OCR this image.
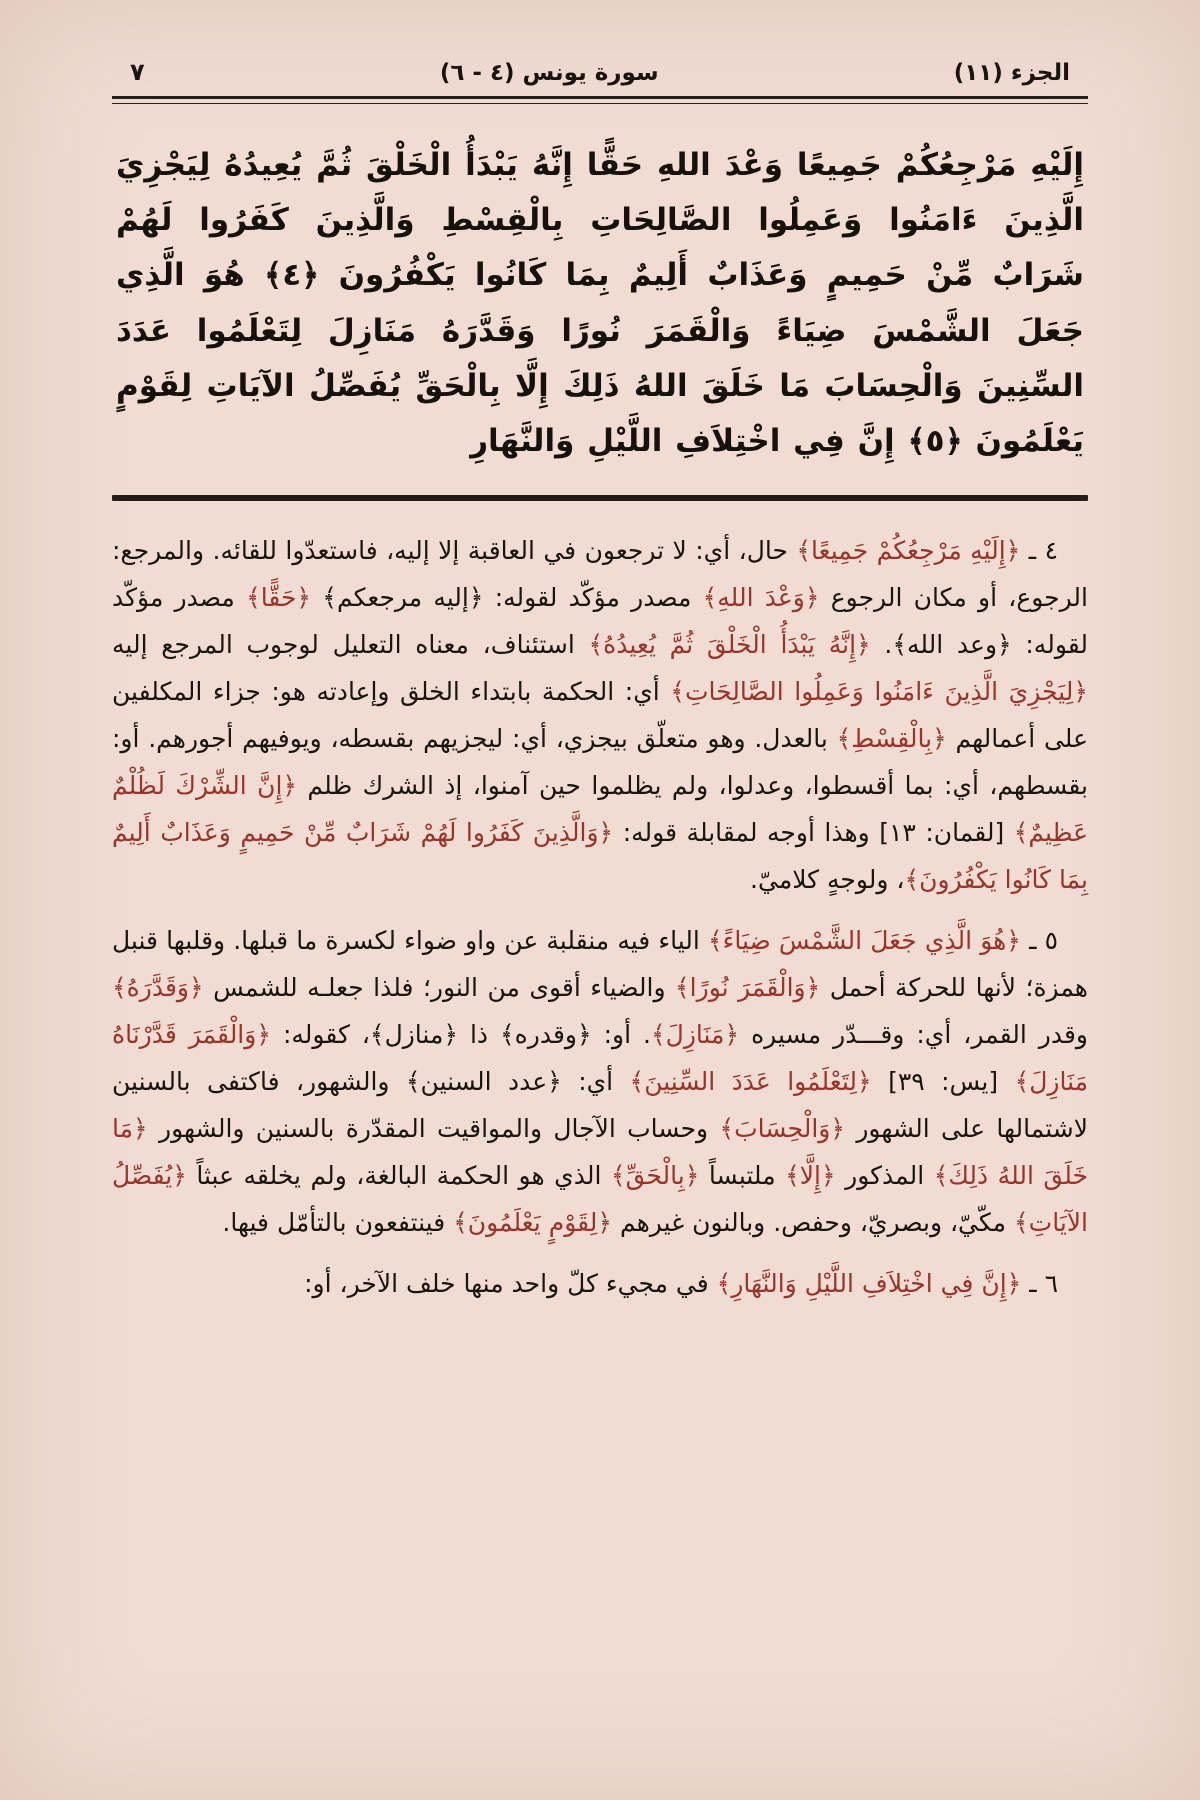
الجزء (١١)
سورة يونس (٤ - ٦)
٧
إِلَيْهِ مَرْجِعُكُمْ جَمِيعًا وَعْدَ اللهِ حَقًّا إِنَّهُ يَبْدَأُ الْخَلْقَ ثُمَّ يُعِيدُهُ لِيَجْزِيَ الَّذِينَ ءَامَنُوا وَعَمِلُوا الصَّالِحَاتِ بِالْقِسْطِ وَالَّذِينَ كَفَرُوا لَهُمْ شَرَابٌ مِّنْ حَمِيمٍ وَعَذَابٌ أَلِيمٌ بِمَا كَانُوا يَكْفُرُونَ ﴿٤﴾ هُوَ الَّذِي جَعَلَ الشَّمْسَ ضِيَاءً وَالْقَمَرَ نُورًا وَقَدَّرَهُ مَنَازِلَ لِتَعْلَمُوا عَدَدَ السِّنِينَ وَالْحِسَابَ مَا خَلَقَ اللهُ ذَلِكَ إِلَّا بِالْحَقِّ يُفَصِّلُ الآيَاتِ لِقَوْمٍ يَعْلَمُونَ ﴿٥﴾ إِنَّ فِي اخْتِلاَفِ اللَّيْلِ وَالنَّهَارِ

٤ ـ ﴿إِلَيْهِ مَرْجِعُكُمْ جَمِيعًا﴾ حال، أي: لا ترجعون في العاقبة إلا إليه، فاستعدّوا للقائه. والمرجع: الرجوع، أو مكان الرجوع ﴿وَعْدَ اللهِ﴾ مصدر مؤكّد لقوله: ﴿إليه مرجعكم﴾ ﴿حَقًّا﴾ مصدر مؤكّد لقوله: ﴿وعد الله﴾. ﴿إِنَّهُ يَبْدَأُ الْخَلْقَ ثُمَّ يُعِيدُهُ﴾ استئناف، معناه التعليل لوجوب المرجع إليه ﴿لِيَجْزِيَ الَّذِينَ ءَامَنُوا وَعَمِلُوا الصَّالِحَاتِ﴾ أي: الحكمة بابتداء الخلق وإعادته هو: جزاء المكلفين على أعمالهم ﴿بِالْقِسْطِ﴾ بالعدل. وهو متعلّق بيجزي، أي: ليجزيهم بقسطه، ويوفيهم أجورهم. أو: بقسطهم، أي: بما أقسطوا، وعدلوا، ولم يظلموا حين آمنوا، إذ الشرك ظلم ﴿إِنَّ الشِّرْكَ لَظُلْمٌ عَظِيمٌ﴾ [لقمان: ١٣] وهذا أوجه لمقابلة قوله: ﴿وَالَّذِينَ كَفَرُوا لَهُمْ شَرَابٌ مِّنْ حَمِيمٍ وَعَذَابٌ أَلِيمٌ بِمَا كَانُوا يَكْفُرُونَ﴾، ولوجهٍ كلاميّ.

٥ ـ ﴿هُوَ الَّذِي جَعَلَ الشَّمْسَ ضِيَاءً﴾ الياء فيه منقلبة عن واو ضواء لكسرة ما قبلها. وقلبها قنبل همزة؛ لأنها للحركة أحمل ﴿وَالْقَمَرَ نُورًا﴾ والضياء أقوى من النور؛ فلذا جعلـه للشمس ﴿وَقَدَّرَهُ﴾ وقدر القمر، أي: وقـــدّر مسيره ﴿مَنَازِلَ﴾. أو: ﴿وقدره﴾ ذا ﴿منازل﴾، كقوله: ﴿وَالْقَمَرَ قَدَّرْنَاهُ مَنَازِلَ﴾ [يس: ٣٩] ﴿لِتَعْلَمُوا عَدَدَ السِّنِينَ﴾ أي: ﴿عدد السنين﴾ والشهور، فاكتفى بالسنين لاشتمالها على الشهور ﴿وَالْحِسَابَ﴾ وحساب الآجال والمواقيت المقدّرة بالسنين والشهور ﴿مَا خَلَقَ اللهُ ذَلِكَ﴾ المذكور ﴿إِلَّا﴾ ملتبساً ﴿بِالْحَقِّ﴾ الذي هو الحكمة البالغة، ولم يخلقه عبثاً ﴿يُفَصِّلُ الآيَاتِ﴾ مكّيّ، وبصريّ، وحفص. وبالنون غيرهم ﴿لِقَوْمٍ يَعْلَمُونَ﴾ فينتفعون بالتأمّل فيها.

٦ ـ ﴿إِنَّ فِي اخْتِلاَفِ اللَّيْلِ وَالنَّهَارِ﴾ في مجيء كلّ واحد منها خلف الآخر، أو:
